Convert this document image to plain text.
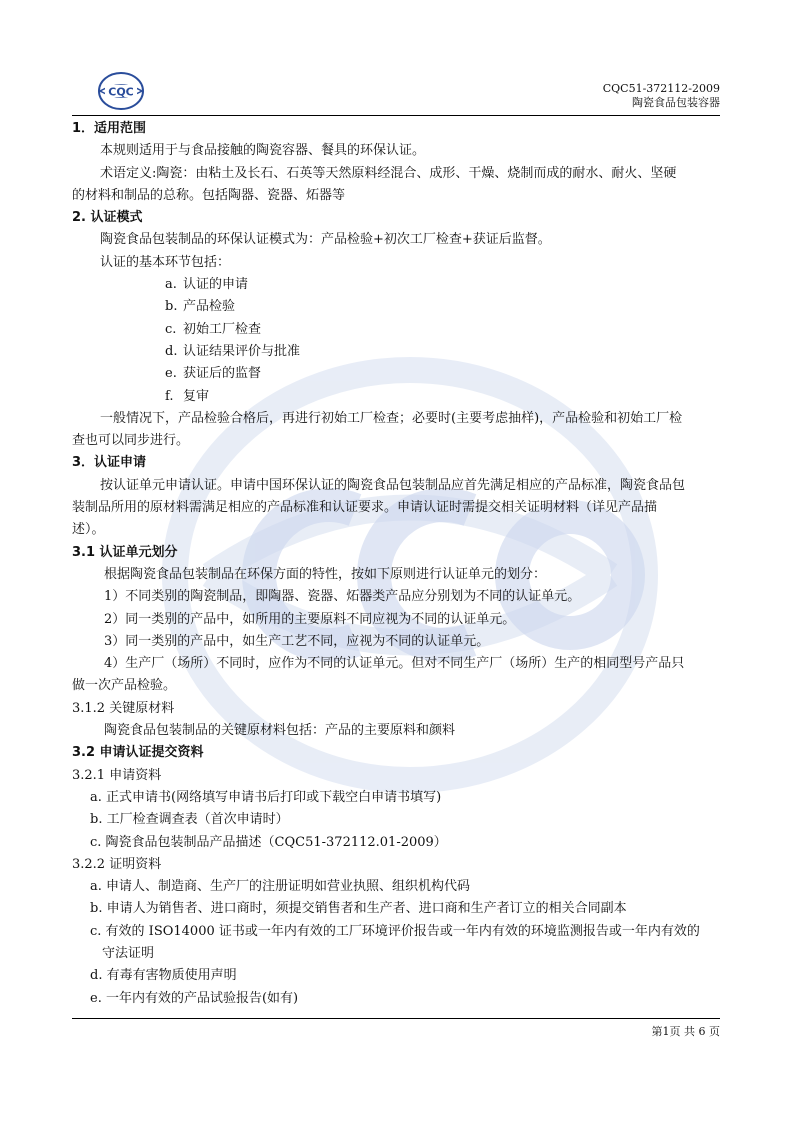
CQC	CQC51-372112-2009
陶瓷食品包装容器
1．适用范围
本规则适用于与食品接触的陶瓷容器、餐具的环保认证。
术语定义:陶瓷：由粘土及长石、石英等天然原料经混合、成形、干燥、烧制而成的耐水、耐火、坚硬
的材料和制品的总称。包括陶器、瓷器、炻器等
2. 认证模式
陶瓷食品包装制品的环保认证模式为：产品检验+初次工厂检查+获证后监督。
认证的基本环节包括：
a. 认证的申请
b. 产品检验
c. 初始工厂检查
d. 认证结果评价与批准
e. 获证后的监督
f. 复审
一般情况下，产品检验合格后，再进行初始工厂检查；必要时(主要考虑抽样)，产品检验和初始工厂检
查也可以同步进行。
3．认证申请
按认证单元申请认证。申请中国环保认证的陶瓷食品包装制品应首先满足相应的产品标准，陶瓷食品包
装制品所用的原材料需满足相应的产品标准和认证要求。申请认证时需提交相关证明材料（详见产品描
述）。
3.1 认证单元划分
根据陶瓷食品包装制品在环保方面的特性，按如下原则进行认证单元的划分：
1）不同类别的陶瓷制品，即陶器、瓷器、炻器类产品应分别划为不同的认证单元。
2）同一类别的产品中，如所用的主要原料不同应视为不同的认证单元。
3）同一类别的产品中，如生产工艺不同，应视为不同的认证单元。
4）生产厂（场所）不同时，应作为不同的认证单元。但对不同生产厂（场所）生产的相同型号产品只
做一次产品检验。
3.1.2 关键原材料
陶瓷食品包装制品的关键原材料包括：产品的主要原料和颜料
3.2 申请认证提交资料
3.2.1 申请资料
a. 正式申请书(网络填写申请书后打印或下载空白申请书填写)
b. 工厂检查调查表（首次申请时）
c. 陶瓷食品包装制品产品描述（CQC51-372112.01-2009）
3.2.2 证明资料
a. 申请人、制造商、生产厂的注册证明如营业执照、组织机构代码
b. 申请人为销售者、进口商时，须提交销售者和生产者、进口商和生产者订立的相关合同副本
c. 有效的 ISO14000 证书或一年内有效的工厂环境评价报告或一年内有效的环境监测报告或一年内有效的
守法证明
d. 有毒有害物质使用声明
e. 一年内有效的产品试验报告(如有)
第1页 共 6 页
